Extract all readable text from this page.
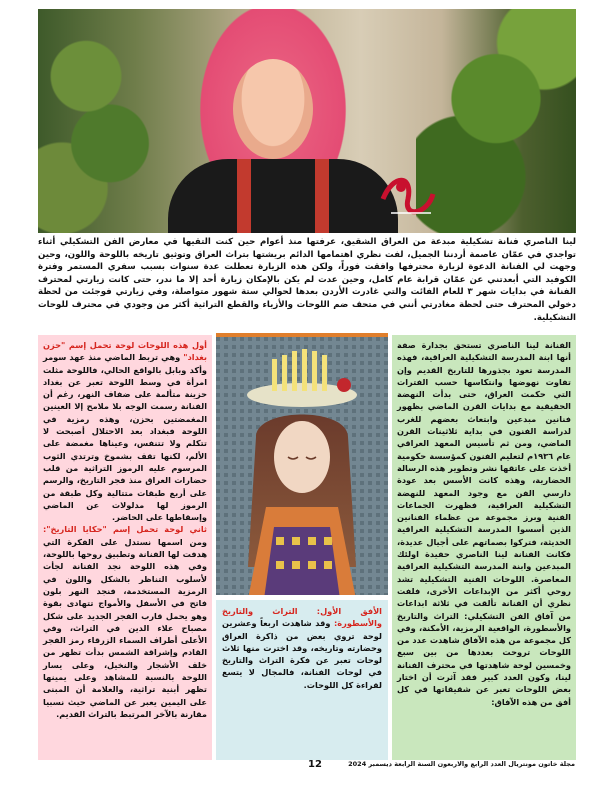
لينا الناصري فنانة تشكيلية مبدعة من العراق الشقيق، عرفتها منذ أعوام حين كنت التقيها في معارض الفن التشكيلي أثناء تواجدي في عمّان عاصمة أردننا الجميل، لفت نظري اهتمامها الدائم بريشتها بتراث العراق وتوثيق تاريخه باللوحة واللون، وحين وجهت لي الفنانة الدعوة لزيارة محترفها وافقت فوراً، ولكن هذه الزيارة تعطلت عدة سنوات بسبب سفري المستمر وفترة الكوفيد التي أبعدتني عن عمّان قرابة عام كامل، وحين عدت لم يكن بالإمكان زيارة أحد إلا ما ندر، حتى كانت زيارتي لمحترف الفنانة في بدايات شهر ٣ للعام الفائت والتي غادرت الأردن بعدها لحوالي ستة شهور متواصلة، وفي زيارتي فوجئت من لحظة دخولي المحترف حتى لحظة مغادرتي أنني في متحف ضم اللوحات والأزياء والقطع التراثية أكثر من وجودي في محترف للوحات التشكيلية.
الفنانة لينا الناصري تستحق بجدارة صفة أنها ابنة المدرسة التشكيلية العراقية، فهذه المدرسة تعود بجذورها للتاريخ القديم وإن تفاوت نهوضها وانتكاسها حسب الفترات التي حكمت العراق، حتى بدأت النهضة الحقيقية مع بدايات القرن الماضي بظهور فنانين مبدعين وابتعاث بعضهم للغرب لدراسة الفنون في بداية ثلاثينات القرن الماضي، ومن ثم تأسيس المعهد العراقي عام ١٩٣٦م لتعليم الفنون كمؤسسة حكومية أخذت على عاتقها نشر وتطوير هذه الرسالة الحضارية، وهذه كانت الأسس بعد عودة دارسي الفن مع وجود المعهد للنهضة التشكيلية العراقية، فظهرت الجماعات الفنية وبرز مجموعة من عظماء الفنانين الذين أسسوا المدرسة التشكيلية العراقية الحديثة، فتركوا بصماتهم على أجيال عديدة، فكانت الفنانة لينا الناصري حفيدة اولئك المبدعين وابنة المدرسة التشكيلية العراقية المعاصرة. اللوحات الفنية التشكيلية تشد روحي أكثر من الإبداعات الأخرى، فلفت نظري أن الفنانة تألقت في ثلاثة ابداعات من آفاق الفن التشكيلي: التراث والتاريخ والأسطورة، الواقعية الرمزية، الأمكنة، وفي كل مجموعة من هذه الآفاق شاهدت عدد من اللوحات تروحت بعددها من بين سبع وخمسين لوحة شاهدتها في محترف الفنانة لينا، وكون العدد كبير فقد آثرت أن اختار بعض اللوحات تعبر عن شقيقاتها في كل أفق من هذه الآفاق:
الأفق الأول: التراث والتاريخ والأسطورة: وقد شاهدت اربعاً وعشرين لوحة تروي بعض من ذاكرة العراق وحضارته وتاريخه، وقد اخترت منها ثلاث لوحات تعبر عن فكرة التراث والتاريخ في لوحات الفنانة، فالمجال لا يتسع لقراءة كل اللوحات.
أول هذه اللوحات لوحة تحمل إسم "حزن بغداد" وهي تربط الماضي منذ عهد سومر وأكد وبابل بالواقع الحالي، فاللوحة مثلت امرأة في وسط اللوحة تعبر عن بغداد حزينة متألمة على ضفاف النهر، رغم أن الفنانة رسمت الوجه بلا ملامح إلا العينين المغمضتين بحزن، وهذه رمزية في اللوحة فبغداد بعد الاحتلال أصبحت لا تتكلم ولا تتنفس، وعيناها مغمضة على الألم، لكنها تقف بشموخ وترتدي الثوب المرسوم عليه الرموز التراثية من قلب حضارات العراق منذ فجر التاريخ، والرسم على أربع طبقات متتالية وكل طبقة من الرموز لها مدلولات عن الماضي وإسقاطها على الحاضر.
ثاني لوحة تحمل إسم "حكايا التاريخ": ومن اسمها نستدل على الفكرة التي هدفت لها الفنانة وتطبيق روحها باللوحة، وفي هذه اللوحة نجد الفنانة لجأت لأسلوب التناظر بالشكل واللون في الرمزية المستخدمة، فنجد النهر بلون فاتح في الأسفل والأمواج تتهادى بقوة وهو يحمل قارب الفجر الجديد على شكل مصباح علاء الدين في التراث، وفي الأعلى أطراف السماء الزرقاء رمز الفجر القادم وإشراقة الشمس بدأت تظهر من خلف الأشجار والنخيل، وعلى يسار اللوحة بالنسبة للمشاهد وعلى يمينها تظهر أبنية تراثية، والعلامة أن المبنى على اليمين يعبر عن الماضي حيث نسبيا مقارنة بالآخر المرتبط بالتراث القديم.
مجلة خاتون مونتريال العدد الرابع والاربعون السنة الرابعة ديسمبر 2024
12
